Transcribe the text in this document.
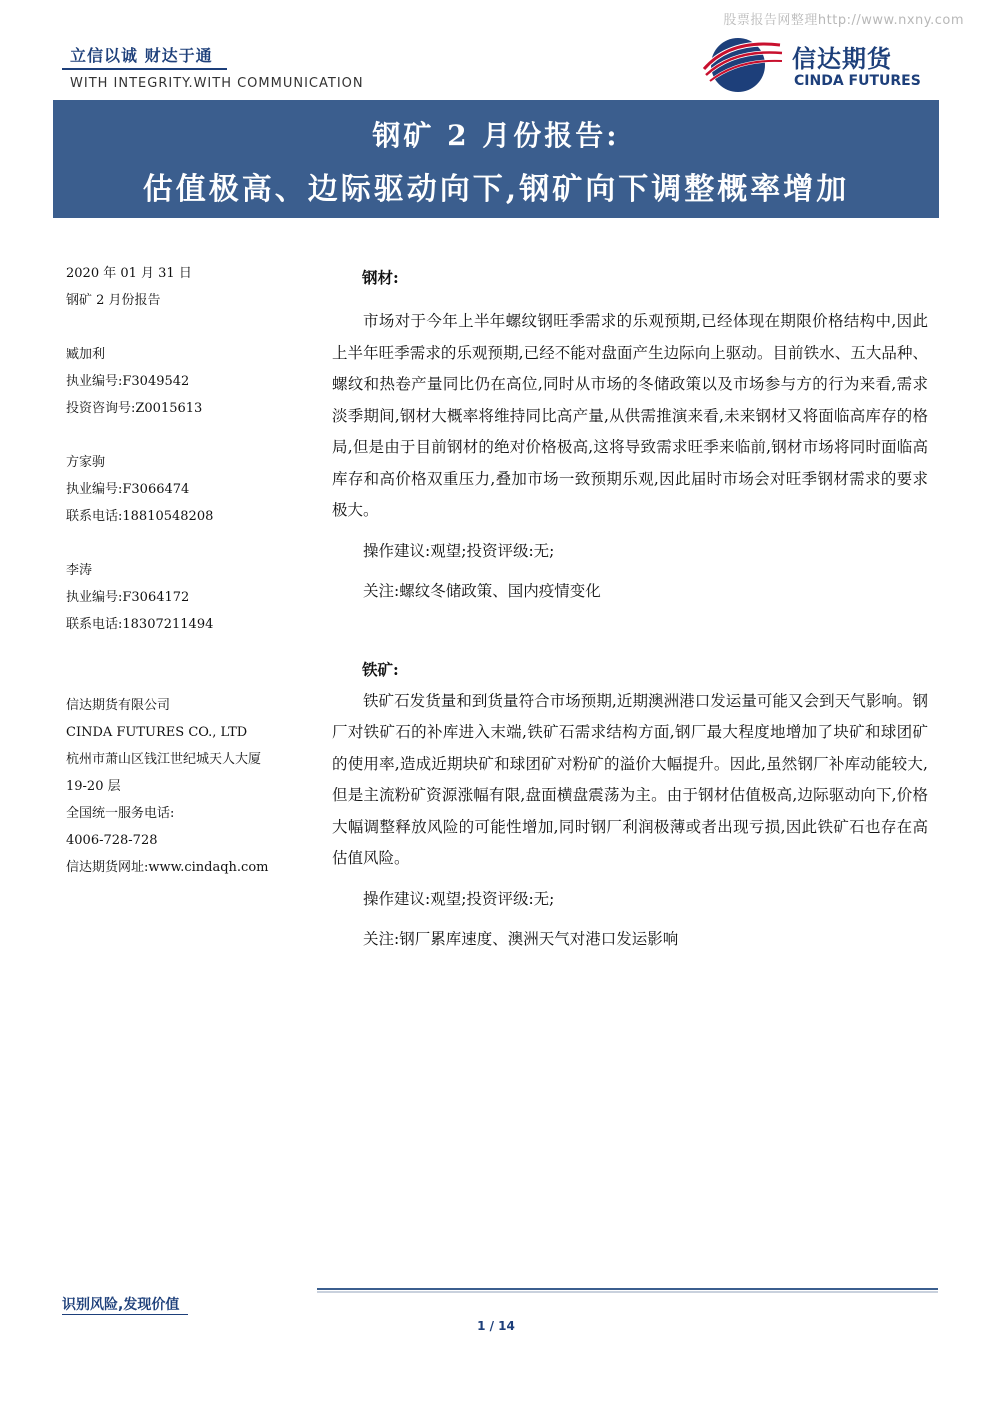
股票报告网整理http://www.nxny.com
立信以诚 财达于通
WITH INTEGRITY.WITH COMMUNICATION
信达期货
CINDA FUTURES
钢矿 2 月份报告:
估值极高、边际驱动向下,钢矿向下调整概率增加
2020 年 01 月 31 日
钢矿 2 月份报告
臧加利
执业编号:F3049542
投资咨询号:Z0015613
方家驹
执业编号:F3066474
联系电话:18810548208
李涛
执业编号:F3064172
联系电话:18307211494
信达期货有限公司
CINDA FUTURES CO., LTD
杭州市萧山区钱江世纪城天人大厦
19-20 层
全国统一服务电话:
4006-728-728
信达期货网址:www.cindaqh.com
钢材:

市场对于今年上半年螺纹钢旺季需求的乐观预期,已经体现在期限价格结构中,因此上半年旺季需求的乐观预期,已经不能对盘面产生边际向上驱动。目前铁水、五大品种、螺纹和热卷产量同比仍在高位,同时从市场的冬储政策以及市场参与方的行为来看,需求淡季期间,钢材大概率将维持同比高产量,从供需推演来看,未来钢材又将面临高库存的格局,但是由于目前钢材的绝对价格极高,这将导致需求旺季来临前,钢材市场将同时面临高库存和高价格双重压力,叠加市场一致预期乐观,因此届时市场会对旺季钢材需求的要求极大。

操作建议:观望;投资评级:无;
关注:螺纹冬储政策、国内疫情变化
铁矿:

铁矿石发货量和到货量符合市场预期,近期澳洲港口发运量可能又会到天气影响。钢厂对铁矿石的补库进入末端,铁矿石需求结构方面,钢厂最大程度地增加了块矿和球团矿的使用率,造成近期块矿和球团矿对粉矿的溢价大幅提升。因此,虽然钢厂补库动能较大,但是主流粉矿资源涨幅有限,盘面横盘震荡为主。由于钢材估值极高,边际驱动向下,价格大幅调整释放风险的可能性增加,同时钢厂利润极薄或者出现亏损,因此铁矿石也存在高估值风险。

操作建议:观望;投资评级:无;
关注:钢厂累库速度、澳洲天气对港口发运影响
识别风险,发现价值
1 / 14
